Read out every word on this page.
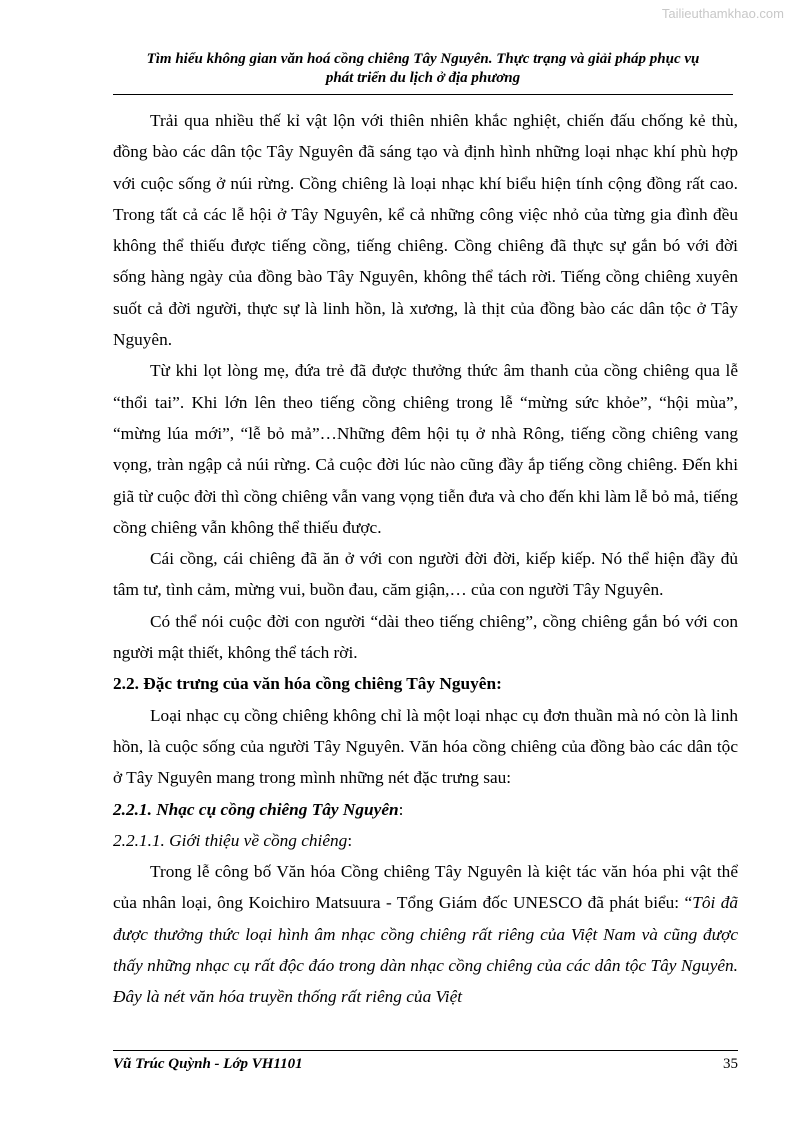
Tailieuthamkhao.com
Tìm hiểu không gian văn hoá cồng chiêng Tây Nguyên. Thực trạng và giải pháp phục vụ
phát triển du lịch ở địa phương

Trải qua nhiều thế kỉ vật lộn với thiên nhiên khắc nghiệt, chiến đấu chống kẻ thù, đồng bào các dân tộc Tây Nguyên đã sáng tạo và định hình những loại nhạc khí phù hợp với cuộc sống ở núi rừng. Cồng chiêng là loại nhạc khí biểu hiện tính cộng đồng rất cao. Trong tất cả các lễ hội ở Tây Nguyên, kể cả những công việc nhỏ của từng gia đình đều không thể thiếu được tiếng cồng, tiếng chiêng. Cồng chiêng đã thực sự gắn bó với đời sống hàng ngày của đồng bào Tây Nguyên, không thể tách rời. Tiếng cồng chiêng xuyên suốt cả đời người, thực sự là linh hồn, là xương, là thịt của đồng bào các dân tộc ở Tây Nguyên.

Từ khi lọt lòng mẹ, đứa trẻ đã được thưởng thức âm thanh của cồng chiêng qua lễ “thổi tai”. Khi lớn lên theo tiếng cồng chiêng trong lễ “mừng sức khỏe”, “hội mùa”, “mừng lúa mới”, “lễ bỏ mả”…Những đêm hội tụ ở nhà Rông, tiếng cồng chiêng vang vọng, tràn ngập cả núi rừng. Cả cuộc đời lúc nào cũng đầy ắp tiếng cồng chiêng. Đến khi giã từ cuộc đời thì cồng chiêng vẫn vang vọng tiễn đưa và cho đến khi làm lễ bỏ mả, tiếng cồng chiêng vẫn không thể thiếu được.

Cái cồng, cái chiêng đã ăn ở với con người đời đời, kiếp kiếp. Nó thể hiện đầy đủ tâm tư, tình cảm, mừng vui, buồn đau, căm giận,… của con người Tây Nguyên.

Có thể nói cuộc đời con người “dài theo tiếng chiêng”, cồng chiêng gắn bó với con người mật thiết, không thể tách rời.

2.2. Đặc trưng của văn hóa cồng chiêng Tây Nguyên:

Loại nhạc cụ cồng chiêng không chỉ là một loại nhạc cụ đơn thuần mà nó còn là linh hồn, là cuộc sống của người Tây Nguyên. Văn hóa cồng chiêng của đồng bào các dân tộc ở Tây Nguyên mang trong mình những nét đặc trưng sau:

2.2.1. Nhạc cụ cồng chiêng Tây Nguyên:

2.2.1.1. Giới thiệu về cồng chiêng:

Trong lễ công bố Văn hóa Cồng chiêng Tây Nguyên là kiệt tác văn hóa phi vật thể của nhân loại, ông Koichiro Matsuura - Tổng Giám đốc UNESCO đã phát biểu: “Tôi đã được thưởng thức loại hình âm nhạc cồng chiêng rất riêng của Việt Nam và cũng được thấy những nhạc cụ rất độc đáo trong dàn nhạc cồng chiêng của các dân tộc Tây Nguyên. Đây là nét văn hóa truyền thống rất riêng của Việt

Vũ Trúc Quỳnh - Lớp VH1101	35
